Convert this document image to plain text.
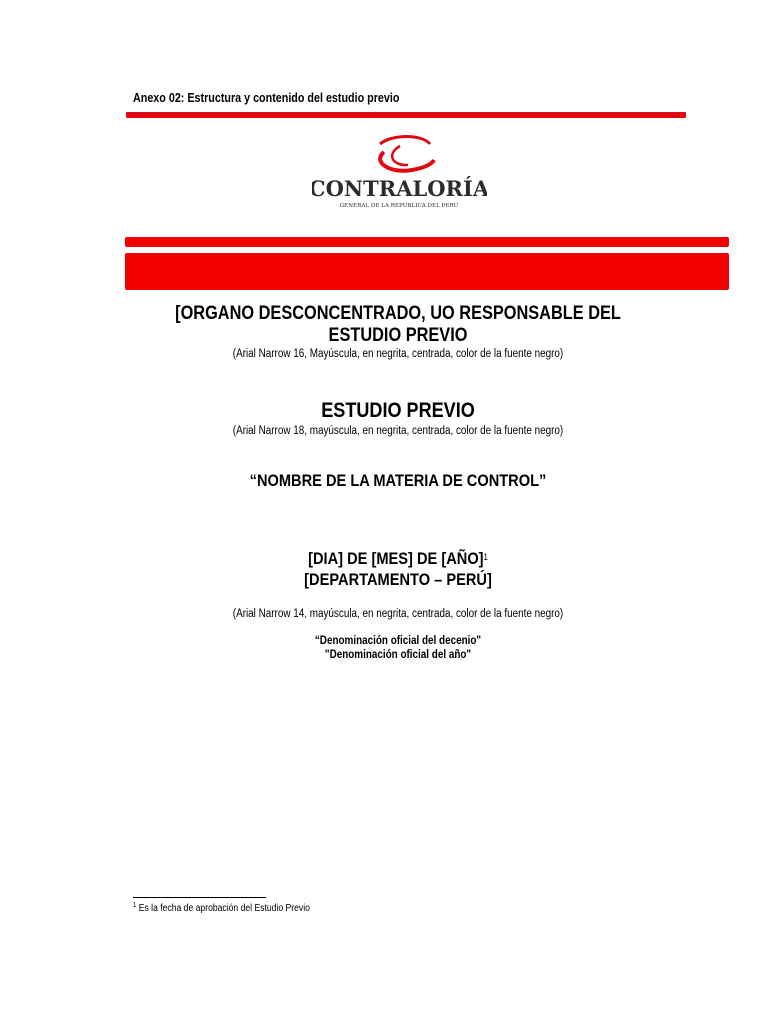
Anexo 02: Estructura y contenido del estudio previo
CONTRALORÍA
GENERAL DE LA REPÚBLICA DEL PERÚ
[ORGANO DESCONCENTRADO, UO RESPONSABLE DEL
ESTUDIO PREVIO
(Arial Narrow 16, Mayúscula, en negrita, centrada, color de la fuente negro)
ESTUDIO PREVIO
(Arial Narrow 18, mayúscula, en negrita, centrada, color de la fuente negro)
“NOMBRE DE LA MATERIA DE CONTROL”
[DIA] DE [MES] DE [AÑO]$^1$
[DEPARTAMENTO – PERÚ]
(Arial Narrow 14, mayúscula, en negrita, centrada, color de la fuente negro)
“Denominación oficial del decenio"
"Denominación oficial del año"
$^1$ Es la fecha de aprobación del Estudio Previo
